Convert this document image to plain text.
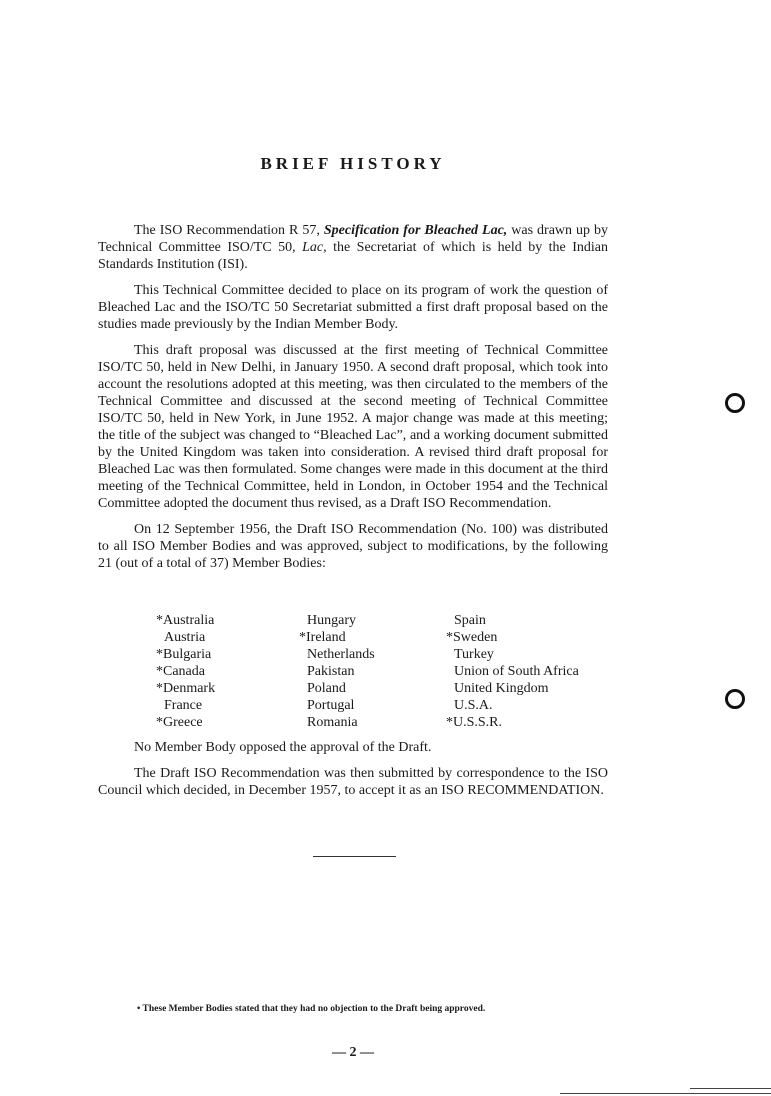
BRIEF HISTORY

The ISO Recommendation R 57, Specification for Bleached Lac, was drawn up by Technical Committee ISO/TC 50, Lac, the Secretariat of which is held by the Indian Standards Institution (ISI).

This Technical Committee decided to place on its program of work the question of Bleached Lac and the ISO/TC 50 Secretariat submitted a first draft proposal based on the studies made previously by the Indian Member Body.

This draft proposal was discussed at the first meeting of Technical Committee ISO/TC 50, held in New Delhi, in January 1950. A second draft proposal, which took into account the resolutions adopted at this meeting, was then circulated to the members of the Technical Committee and discussed at the second meeting of Technical Committee ISO/TC 50, held in New York, in June 1952. A major change was made at this meeting; the title of the subject was changed to “Bleached Lac”, and a working document submitted by the United Kingdom was taken into consideration. A revised third draft proposal for Bleached Lac was then formulated. Some changes were made in this document at the third meeting of the Technical Committee, held in London, in October 1954 and the Technical Committee adopted the document thus revised, as a Draft ISO Recommendation.

On 12 September 1956, the Draft ISO Recommendation (No. 100) was distributed to all ISO Member Bodies and was approved, subject to modifications, by the following 21 (out of a total of 37) Member Bodies:

*Australia
Austria
*Bulgaria
*Canada
*Denmark
France
*Greece
Hungary
*Ireland
Netherlands
Pakistan
Poland
Portugal
Romania
Spain
*Sweden
Turkey
Union of South Africa
United Kingdom
U.S.A.
*U.S.S.R.

No Member Body opposed the approval of the Draft.

The Draft ISO Recommendation was then submitted by correspondence to the ISO Council which decided, in December 1957, to accept it as an ISO RECOMMENDATION.

• These Member Bodies stated that they had no objection to the Draft being approved.
— 2 —
